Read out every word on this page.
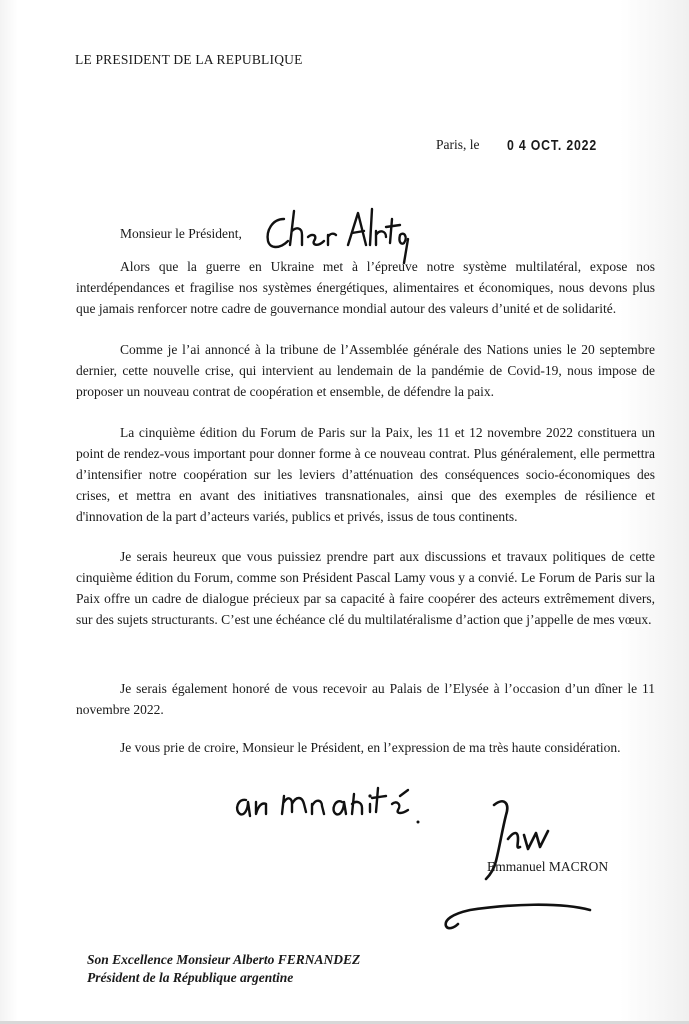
LE PRESIDENT DE LA REPUBLIQUE
Paris, le 0 4 OCT. 2022
Monsieur le Président,

Alors que la guerre en Ukraine met à l’épreuve notre système multilatéral, expose nos interdépendances et fragilise nos systèmes énergétiques, alimentaires et économiques, nous devons plus que jamais renforcer notre cadre de gouvernance mondial autour des valeurs d’unité et de solidarité.

Comme je l’ai annoncé à la tribune de l’Assemblée générale des Nations unies le 20 septembre dernier, cette nouvelle crise, qui intervient au lendemain de la pandémie de Covid-19, nous impose de proposer un nouveau contrat de coopération et ensemble, de défendre la paix.

La cinquième édition du Forum de Paris sur la Paix, les 11 et 12 novembre 2022 constituera un point de rendez-vous important pour donner forme à ce nouveau contrat. Plus généralement, elle permettra d’intensifier notre coopération sur les leviers d’atténuation des conséquences socio-économiques des crises, et mettra en avant des initiatives transnationales, ainsi que des exemples de résilience et d'innovation de la part d’acteurs variés, publics et privés, issus de tous continents.

Je serais heureux que vous puissiez prendre part aux discussions et travaux politiques de cette cinquième édition du Forum, comme son Président Pascal Lamy vous y a convié. Le Forum de Paris sur la Paix offre un cadre de dialogue précieux par sa capacité à faire coopérer des acteurs extrêmement divers, sur des sujets structurants. C’est une échéance clé du multilatéralisme d’action que j’appelle de mes vœux.

Je serais également honoré de vous recevoir au Palais de l’Elysée à l’occasion d’un dîner le 11 novembre 2022.

Je vous prie de croire, Monsieur le Président, en l’expression de ma très haute considération.

Emmanuel MACRON
Son Excellence Monsieur Alberto FERNANDEZ
Président de la République argentine
